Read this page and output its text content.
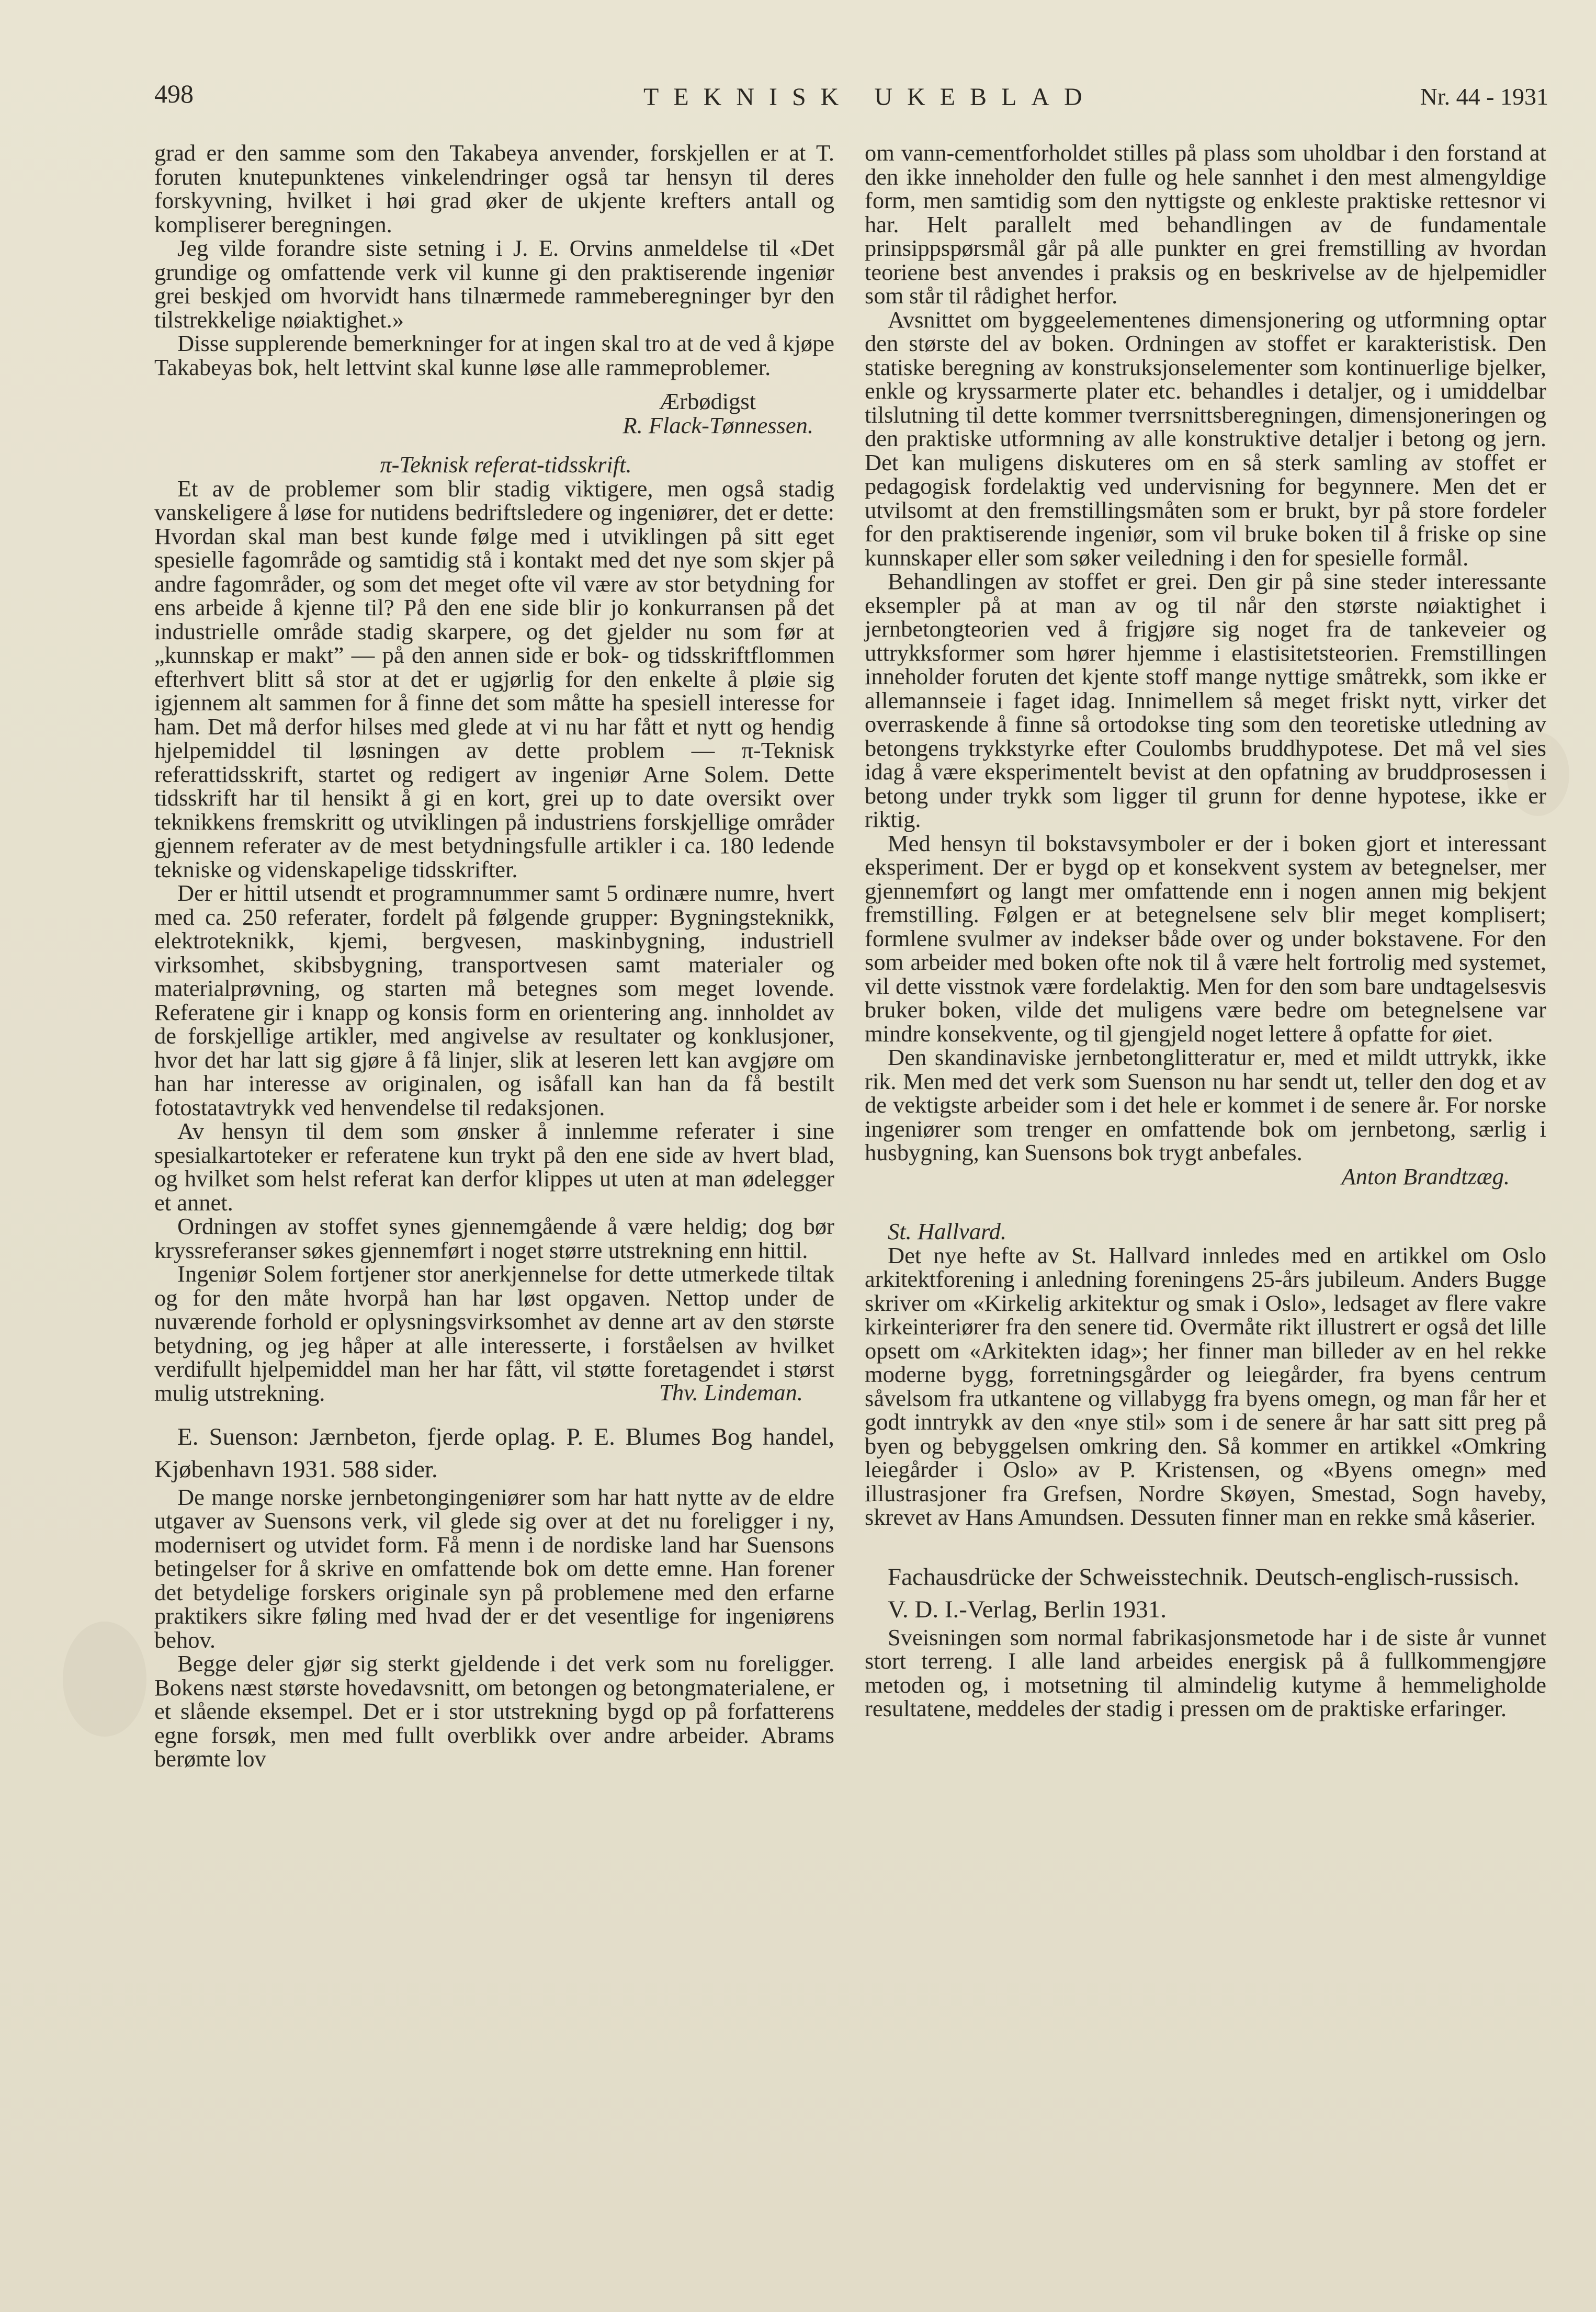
498	TEKNISK UKEBLAD	Nr. 44 - 1931

grad er den samme som den Takabeya anvender, forskjellen er at T. foruten knutepunktenes vinkelendringer også tar hensyn til deres forskyvning, hvilket i høi grad øker de ukjente krefters antall og kompliserer beregningen.

Jeg vilde forandre siste setning i J. E. Orvins anmeldelse til «Det grundige og omfattende verk vil kunne gi den praktiserende ingeniør grei beskjed om hvorvidt hans tilnærmede rammeberegninger byr den tilstrekkelige nøiaktighet.»

Disse supplerende bemerkninger for at ingen skal tro at de ved å kjøpe Takabeyas bok, helt lettvint skal kunne løse alle rammeproblemer.

Ærbødigst

R. Flack-Tønnessen.

π-Teknisk referat-tidsskrift.

Et av de problemer som blir stadig viktigere, men også stadig vanskeligere å løse for nutidens bedriftsledere og ingeniører, det er dette: Hvordan skal man best kunde følge med i utviklingen på sitt eget spesielle fagområde og samtidig stå i kontakt med det nye som skjer på andre fagområder, og som det meget ofte vil være av stor betydning for ens arbeide å kjenne til? På den ene side blir jo konkurransen på det industrielle område stadig skarpere, og det gjelder nu som før at „kunnskap er makt” — på den annen side er bok- og tidsskriftflommen efterhvert blitt så stor at det er ugjørlig for den enkelte å pløie sig igjennem alt sammen for å finne det som måtte ha spesiell interesse for ham. Det må derfor hilses med glede at vi nu har fått et nytt og hendig hjelpemiddel til løsningen av dette problem — π-Teknisk referattidsskrift, startet og redigert av ingeniør Arne Solem. Dette tidsskrift har til hensikt å gi en kort, grei up to date oversikt over teknikkens fremskritt og utviklingen på industriens forskjellige områder gjennem referater av de mest betydningsfulle artikler i ca. 180 ledende tekniske og videnskapelige tidsskrifter.

Der er hittil utsendt et programnummer samt 5 ordinære numre, hvert med ca. 250 referater, fordelt på følgende grupper: Bygningsteknikk, elektroteknikk, kjemi, bergvesen, maskinbygning, industriell virksomhet, skibsbygning, transportvesen samt materialer og materialprøvning, og starten må betegnes som meget lovende. Referatene gir i knapp og konsis form en orientering ang. innholdet av de forskjellige artikler, med angivelse av resultater og konklusjoner, hvor det har latt sig gjøre å få linjer, slik at leseren lett kan avgjøre om han har interesse av originalen, og isåfall kan han da få bestilt fotostatavtrykk ved henvendelse til redaksjonen.

Av hensyn til dem som ønsker å innlemme referater i sine spesialkartoteker er referatene kun trykt på den ene side av hvert blad, og hvilket som helst referat kan derfor klippes ut uten at man ødelegger et annet.

Ordningen av stoffet synes gjennemgående å være heldig; dog bør kryssreferanser søkes gjennemført i noget større utstrekning enn hittil.

Ingeniør Solem fortjener stor anerkjennelse for dette utmerkede tiltak og for den måte hvorpå han har løst opgaven. Nettop under de nuværende forhold er oplysningsvirksomhet av denne art av den største betydning, og jeg håper at alle interesserte, i forståelsen av hvilket verdifullt hjelpemiddel man her har fått, vil støtte foretagendet i størst mulig utstrekning.	Thv. Lindeman.

E. Suenson: Jærnbeton, fjerde oplag. P. E. Blumes Bog handel, Kjøbenhavn 1931. 588 sider.

De mange norske jernbetongingeniører som har hatt nytte av de eldre utgaver av Suensons verk, vil glede sig over at det nu foreligger i ny, modernisert og utvidet form. Få menn i de nordiske land har Suensons betingelser for å skrive en omfattende bok om dette emne. Han forener det betydelige forskers originale syn på problemene med den erfarne praktikers sikre føling med hvad der er det vesentlige for ingeniørens behov.

Begge deler gjør sig sterkt gjeldende i det verk som nu foreligger. Bokens næst største hovedavsnitt, om betongen og betongmaterialene, er et slående eksempel. Det er i stor utstrekning bygd op på forfatterens egne forsøk, men med fullt overblikk over andre arbeider. Abrams berømte lov

om vann-cementforholdet stilles på plass som uholdbar i den forstand at den ikke inneholder den fulle og hele sannhet i den mest almengyldige form, men samtidig som den nyttigste og enkleste praktiske rettesnor vi har. Helt parallelt med behandlingen av de fundamentale prinsippspørsmål går på alle punkter en grei fremstilling av hvordan teoriene best anvendes i praksis og en beskrivelse av de hjelpemidler som står til rådighet herfor.

Avsnittet om byggeelementenes dimensjonering og utformning optar den største del av boken. Ordningen av stoffet er karakteristisk. Den statiske beregning av konstruksjonselementer som kontinuerlige bjelker, enkle og kryssarmerte plater etc. behandles i detaljer, og i umiddelbar tilslutning til dette kommer tverrsnittsberegningen, dimensjoneringen og den praktiske utformning av alle konstruktive detaljer i betong og jern. Det kan muligens diskuteres om en så sterk samling av stoffet er pedagogisk fordelaktig ved undervisning for begynnere. Men det er utvilsomt at den fremstillingsmåten som er brukt, byr på store fordeler for den praktiserende ingeniør, som vil bruke boken til å friske op sine kunnskaper eller som søker veiledning i den for spesielle formål.

Behandlingen av stoffet er grei. Den gir på sine steder interessante eksempler på at man av og til når den største nøiaktighet i jernbetongteorien ved å frigjøre sig noget fra de tankeveier og uttrykksformer som hører hjemme i elastisitetsteorien. Fremstillingen inneholder foruten det kjente stoff mange nyttige småtrekk, som ikke er allemannseie i faget idag. Innimellem så meget friskt nytt, virker det overraskende å finne så ortodokse ting som den teoretiske utledning av betongens trykkstyrke efter Coulombs bruddhypotese. Det må vel sies idag å være eksperimentelt bevist at den opfatning av bruddprosessen i betong under trykk som ligger til grunn for denne hypotese, ikke er riktig.

Med hensyn til bokstavsymboler er der i boken gjort et interessant eksperiment. Der er bygd op et konsekvent system av betegnelser, mer gjennemført og langt mer omfattende enn i nogen annen mig bekjent fremstilling. Følgen er at betegnelsene selv blir meget komplisert; formlene svulmer av indekser både over og under bokstavene. For den som arbeider med boken ofte nok til å være helt fortrolig med systemet, vil dette visstnok være fordelaktig. Men for den som bare undtagelsesvis bruker boken, vilde det muligens være bedre om betegnelsene var mindre konsekvente, og til gjengjeld noget lettere å opfatte for øiet.

Den skandinaviske jernbetonglitteratur er, med et mildt uttrykk, ikke rik. Men med det verk som Suenson nu har sendt ut, teller den dog et av de vektigste arbeider som i det hele er kommet i de senere år. For norske ingeniører som trenger en omfattende bok om jernbetong, særlig i husbygning, kan Suensons bok trygt anbefales.

Anton Brandtzæg.

St. Hallvard.

Det nye hefte av St. Hallvard innledes med en artikkel om Oslo arkitektforening i anledning foreningens 25-års jubileum. Anders Bugge skriver om «Kirkelig arkitektur og smak i Oslo», ledsaget av flere vakre kirkeinteriører fra den senere tid. Overmåte rikt illustrert er også det lille opsett om «Arkitekten idag»; her finner man billeder av en hel rekke moderne bygg, forretningsgårder og leiegårder, fra byens centrum såvelsom fra utkantene og villabygg fra byens omegn, og man får her et godt inntrykk av den «nye stil» som i de senere år har satt sitt preg på byen og bebyggelsen omkring den. Så kommer en artikkel «Omkring leiegårder i Oslo» av P. Kristensen, og «Byens omegn» med illustrasjoner fra Grefsen, Nordre Skøyen, Smestad, Sogn haveby, skrevet av Hans Amundsen. Dessuten finner man en rekke små kåserier.

Fachausdrücke der Schweisstechnik. Deutsch-englisch-russisch.

V. D. I.-Verlag, Berlin 1931.

Sveisningen som normal fabrikasjonsmetode har i de siste år vunnet stort terreng. I alle land arbeides energisk på å fullkommengjøre metoden og, i motsetning til almindelig kutyme å hemmeligholde resultatene, meddeles der stadig i pressen om de praktiske erfaringer.
